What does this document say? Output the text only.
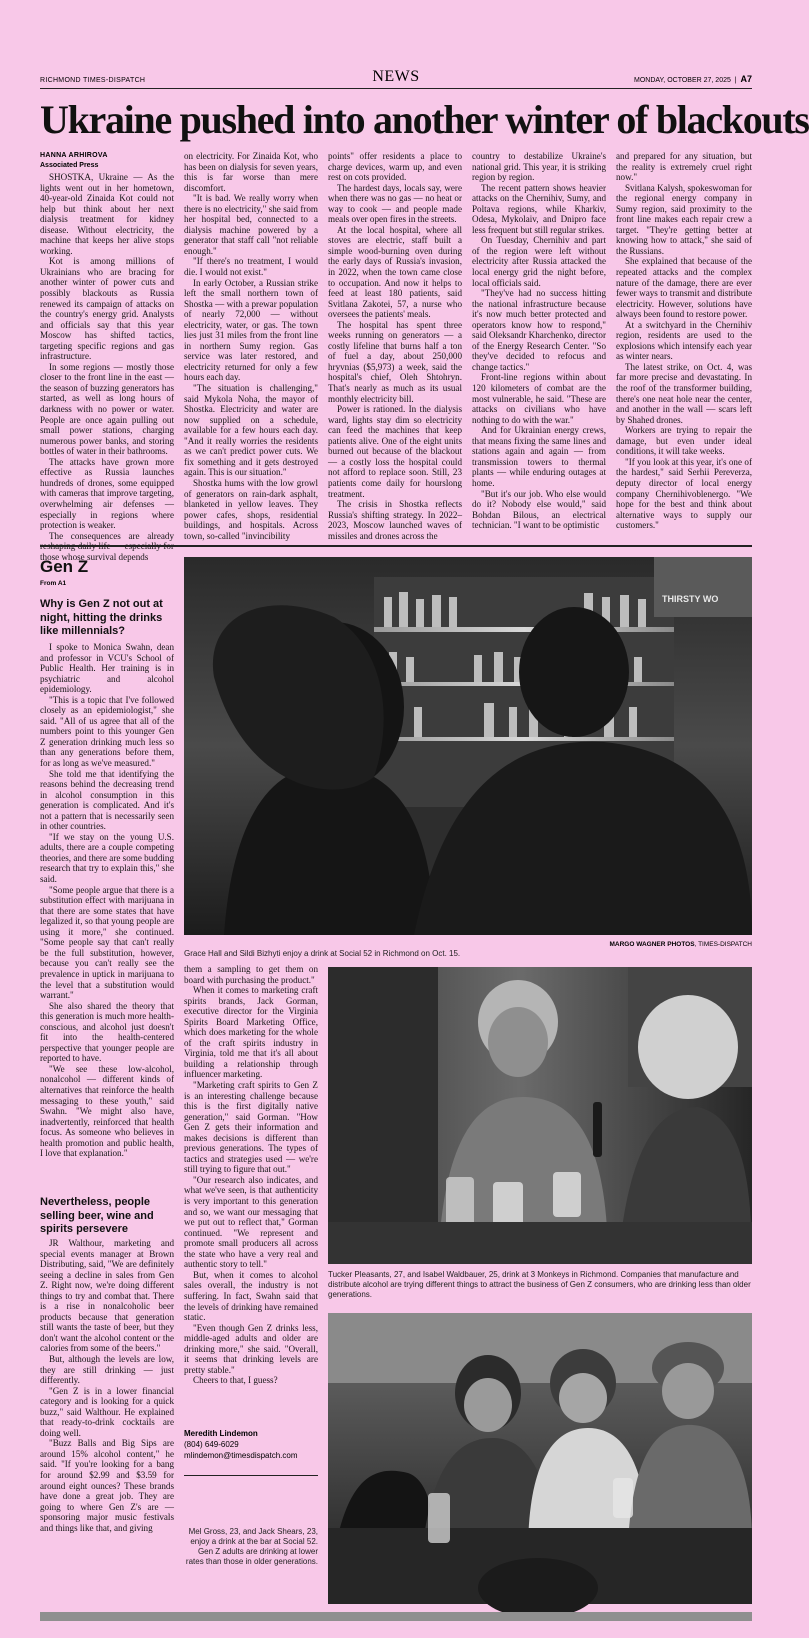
RICHMOND TIMES-DISPATCH	NEWS	MONDAY, OCTOBER 27, 2025  |  A7
Ukraine pushed into another winter of blackouts
HANNA ARHIROVA
Associated Press

SHOSTKA, Ukraine — As the lights went out in her hometown, 40-year-old Zinaida Kot could not help but think about her next dialysis treatment for kidney disease. Without electricity, the machine that keeps her alive stops working.

Kot is among millions of Ukrainians who are bracing for another winter of power cuts and possibly blackouts as Russia renewed its campaign of attacks on the country's energy grid. Analysts and officials say that this year Moscow has shifted tactics, targeting specific regions and gas infrastructure.

In some regions — mostly those closer to the front line in the east — the season of buzzing generators has started, as well as long hours of darkness with no power or water. People are once again pulling out small power stations, charging numerous power banks, and storing bottles of water in their bathrooms.

The attacks have grown more effective as Russia launches hundreds of drones, some equipped with cameras that improve targeting, overwhelming air defenses — especially in regions where protection is weaker.

The consequences are already those whose survival depends

on electricity. For Zinaida Kot, who has been on dialysis for seven years, this is far worse than mere discomfort.

"It is bad. We really worry when there is no electricity," she said from her hospital bed, connected to a dialysis machine powered by a generator that staff call "not reliable enough."

"If there's no treatment, I would die. I would not exist."

In early October, a Russian strike left the small northern town of Shostka — with a prewar population of nearly 72,000 — without electricity, water, or gas. The town lies just 31 miles from the front line in northern Sumy region. Gas service was later restored, and electricity returned for only a few hours each day.

"The situation is challenging," said Mykola Noha, the mayor of Shostka. Electricity and water are now supplied on a schedule, available for a few hours each day. "And it really worries the residents as we can't predict power cuts. We fix something and it gets destroyed again. This is our situation."

Shostka hums with the low growl of generators on rain-dark asphalt, blanketed in yellow leaves. They power cafes, shops, residential buildings, and hospitals. Across town, so-called "invincibility

points" offer residents a place to charge devices, warm up, and even rest on cots provided.

The hardest days, locals say, were when there was no gas — no heat or way to cook — and people made meals over open fires in the streets.

At the local hospital, where all stoves are electric, staff built a simple wood-burning oven during the early days of Russia's invasion, in 2022, when the town came close to occupation. And now it helps to feed at least 180 patients, said Svitlana Zakotei, 57, a nurse who oversees the patients' meals.

The hospital has spent three weeks running on generators — a costly lifeline that burns half a ton of fuel a day, about 250,000 hryvnias ($5,973) a week, said the hospital's chief, Oleh Shtohryn. That's nearly as much as its usual monthly electricity bill.

Power is rationed. In the dialysis ward, lights stay dim so electricity can feed the machines that keep patients alive. One of the eight units burned out because of the blackout — a costly loss the hospital could not afford to replace soon. Still, 23 patients come daily for hourslong treatment.

The crisis in Shostka reflects Russia's shifting strategy. In 2022–2023, Moscow launched waves of missiles and drones across the

country to destabilize Ukraine's national grid. This year, it is striking region by region.

The recent pattern shows heavier attacks on the Chernihiv, Sumy, and Poltava regions, while Kharkiv, Odesa, Mykolaiv, and Dnipro face less frequent but still regular strikes.

On Tuesday, Chernihiv and part of the region were left without electricity after Russia attacked the local energy grid the night before, local officials said.

"They've had no success hitting the national infrastructure because it's now much better protected and operators know how to respond," said Oleksandr Kharchenko, director of the Energy Research Center. "So they've decided to refocus and change tactics."

Front-line regions within about 120 kilometers of combat are the most vulnerable, he said. "These are attacks on civilians who have nothing to do with the war."

And for Ukrainian energy crews, that means fixing the same lines and stations again and again — from transmission towers to thermal plants — while enduring outages at home.

"But it's our job. Who else would do it? Nobody else would," said Bohdan Bilous, an electrical technician. "I want to be optimistic

and prepared for any situation, but the reality is extremely cruel right now."

Svitlana Kalysh, spokeswoman for the regional energy company in Sumy region, said proximity to the front line makes each repair crew a target. "They're getting better at knowing how to attack," she said of the Russians.

She explained that because of the repeated attacks and the complex nature of the damage, there are ever fewer ways to transmit and distribute electricity. However, solutions have always been found to restore power.

At a switchyard in the Chernihiv region, residents are used to the explosions which intensify each year as winter nears.

The latest strike, on Oct. 4, was far more precise and devastating. In the roof of the transformer building, there's one neat hole near the center, and another in the wall — scars left by Shahed drones.

Workers are trying to repair the damage, but even under ideal conditions, it will take weeks.

"If you look at this year, it's one of the hardest," said Serhii Pereverza, deputy director of local energy company Chernihivoblenergo. "We hope for the best and think about alternative ways to supply our customers."

Gen Z
From A1
Why is Gen Z not out at night, hitting the drinks like millennials?

I spoke to Monica Swahn, dean and professor in VCU's School of Public Health. Her training is in psychiatric and alcohol epidemiology.

"This is a topic that I've followed closely as an epidemiologist," she said. "All of us agree that all of the numbers point to this younger Gen Z generation drinking much less so than any generations before them, for as long as we've measured."

She told me that identifying the reasons behind the decreasing trend in alcohol consumption in this generation is complicated. And it's not a pattern that is necessarily seen in other countries.

"If we stay on the young U.S. adults, there are a couple competing theories, and there are some budding research that try to explain this," she said.

"Some people argue that there is a substitution effect with marijuana in that there are some states that have legalized it, so that young people are using it more," she continued. "Some people say that can't really be the full substitution, however, because you can't really see the prevalence in uptick in marijuana to the level that a substitution would warrant."

She also shared the theory that this generation is much more health-conscious, and alcohol just doesn't fit into the health-centered perspective that younger people are reported to have.

"We see these low-alcohol, nonalcohol — different kinds of alternatives that reinforce the health messaging to these youth," said Swahn. "We might also have, inadvertently, reinforced that health focus. As someone who believes in health promotion and public health, I love that explanation."

Nevertheless, people selling beer, wine and spirits persevere

JR Walthour, marketing and special events manager at Brown Distributing, said, "We are definitely seeing a decline in sales from Gen Z. Right now, we're doing different things to try and combat that. There is a rise in nonalcoholic beer products because that generation still wants the taste of beer, but they don't want the alcohol content or the calories from some of the beers."

But, although the levels are low, they are still drinking — just differently.

"Gen Z is in a lower financial category and is looking for a quick buzz," said Walthour. He explained that ready-to-drink cocktails are doing well.

"Buzz Balls and Big Sips are around 15% alcohol content," he said. "If you're looking for a bang for around $2.99 and $3.59 for around eight ounces? These brands have done a great job. They are going to where Gen Z's are — sponsoring major music festivals and things like that, and giving

them a sampling to get them on board with purchasing the product."

When it comes to marketing craft spirits brands, Jack Gorman, executive director for the Virginia Spirits Board Marketing Office, which does marketing for the whole of the craft spirits industry in Virginia, told me that it's all about building a relationship through influencer marketing.

"Marketing craft spirits to Gen Z is an interesting challenge because this is the first digitally native generation," said Gorman. "How Gen Z gets their information and makes decisions is different than previous generations. The types of tactics and strategies used — we're still trying to figure that out."

"Our research also indicates, and what we've seen, is that authenticity is very important to this generation and so, we want our messaging that we put out to reflect that," Gorman continued. "We represent and promote small producers all across the state who have a very real and authentic story to tell."

But, when it comes to alcohol sales overall, the industry is not suffering. In fact, Swahn said that the levels of drinking have remained static.

"Even though Gen Z drinks less, middle-aged adults and older are drinking more," she said. "Overall, it seems that drinking levels are pretty stable."

Cheers to that, I guess?

Meredith Lindemon
(804) 649-6029
mlindemon@timesdispatch.com
THIRSTY WO
MARGO WAGNER PHOTOS, TIMES-DISPATCH
Grace Hall and Sildi Bizhyti enjoy a drink at Social 52 in Richmond on Oct. 15.
Tucker Pleasants, 27, and Isabel Waldbauer, 25, drink at 3 Monkeys in Richmond. Companies that manufacture and distribute alcohol are trying different things to attract the business of Gen Z consumers, who are drinking less than older generations.
Mel Gross, 23, and Jack Shears, 23, enjoy a drink at the bar at Social 52. Gen Z adults are drinking at lower rates than those in older generations.
